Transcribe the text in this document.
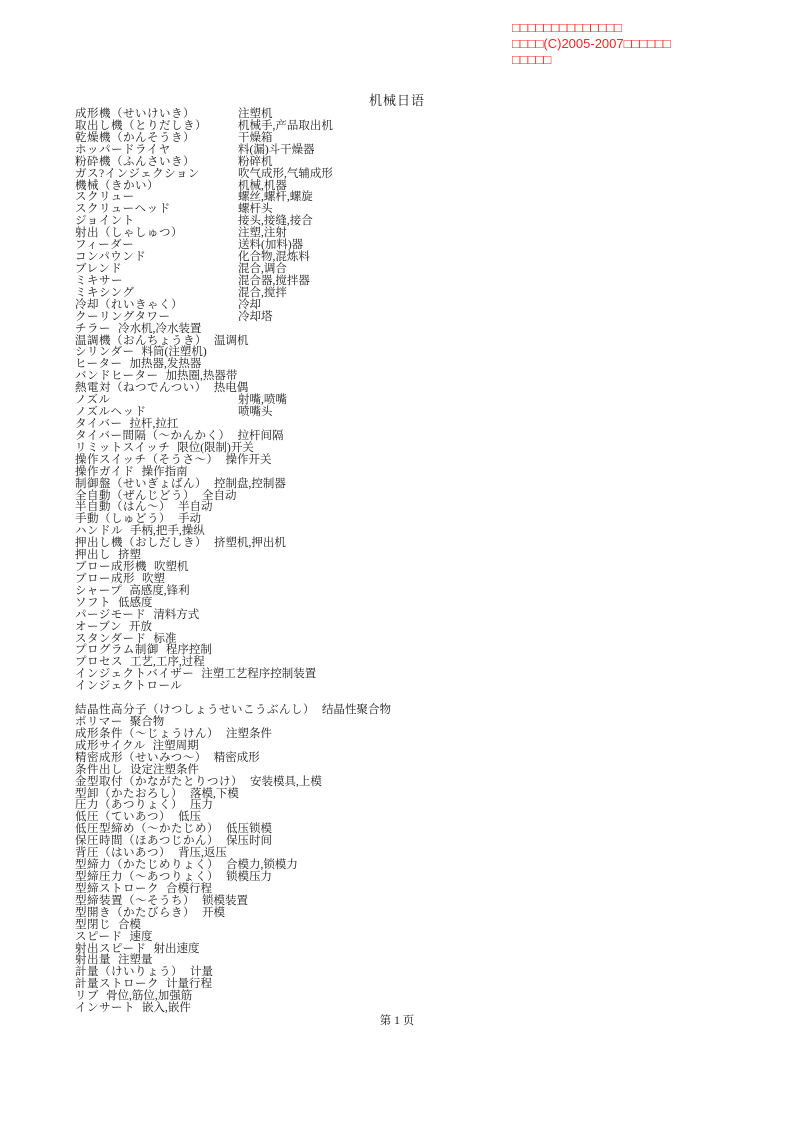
□□□□□□□□□□□□□□
□□□□(C)2005-2007□□□□□□
□□□□□
机械日语
成形機（せいけいき）	注塑机
取出し機（とりだしき）	机械手,产品取出机
乾燥機（かんそうき）	干燥箱
ホッパードライヤ	料(漏)斗干燥器
粉砕機（ふんさいき）	粉碎机
ガス?インジェクション	吹气成形,气辅成形
機械（きかい）	机械,机器
スクリュー	螺丝,螺杆,螺旋
スクリューヘッド	螺杆头
ジョイント	接头,接缝,接合
射出（しゃしゅつ）	注塑,注射
フィーダー	送料(加料)器
コンパウンド	化合物,混炼料
ブレンド	混合,调合
ミキサー	混合器,搅拌器
ミキシング	混合,搅拌
冷却（れいきゃく）	冷却
クーリングタワー	冷却塔
チラー 冷水机,冷水装置
温調機（おんちょうき） 温调机
シリンダー 料筒(注塑机)
ヒーター 加热器,发热器
バンドヒーター 加热圈,热器带
熱電対（ねつでんつい） 热电偶
ノズル	射嘴,喷嘴
ノズルヘッド	喷嘴头
タイバー 拉杆,拉扛
タイバー間隔（～かんかく） 拉杆间隔
リミットスイッチ 限位(限制)开关
操作スイッチ（そうさ～） 操作开关
操作ガイド 操作指南
制御盤（せいぎょばん） 控制盘,控制器
全自動（ぜんじどう） 全自动
半自動（はん～） 半自动
手動（しゅどう） 手动
ハンドル 手柄,把手,操纵
押出し機（おしだしき） 挤塑机,押出机
押出し 挤塑
ブロー成形機 吹塑机
ブロー成形 吹塑
シャープ 高感度,锋利
ソフト 低感度
パージモード 清料方式
オーブン 开放
スタンダード 标准
プログラム制御 程序控制
プロセス 工艺,工序,过程
インジェクトバイザー 注塑工艺程序控制装置
インジェクトロール
結晶性高分子（けつしょうせいこうぶんし） 结晶性聚合物
ポリマー 聚合物
成形条件（～じょうけん） 注塑条件
成形サイクル 注塑周期
精密成形（せいみつ～） 精密成形
条件出し 设定注塑条件
金型取付（かながたとりつけ） 安装模具,上模
型卸（かたおろし） 落模,下模
圧力（あつりょく） 压力
低圧（ていあつ） 低压
低圧型締め（～かたじめ） 低压锁模
保圧時間（ほあつじかん） 保压时间
背圧（はいあつ） 背压,返压
型締力（かたじめりょく） 合模力,锁模力
型締圧力（～あつりょく） 锁模压力
型締ストローク 合模行程
型締装置（～そうち） 锁模装置
型開き（かたびらき） 开模
型閉じ 合模
スピード 速度
射出スピード 射出速度
射出量 注塑量
計量（けいりょう） 计量
計量ストローク 计量行程
リブ 骨位,筋位,加强筋
インサート 嵌入,嵌件
第 1 页
